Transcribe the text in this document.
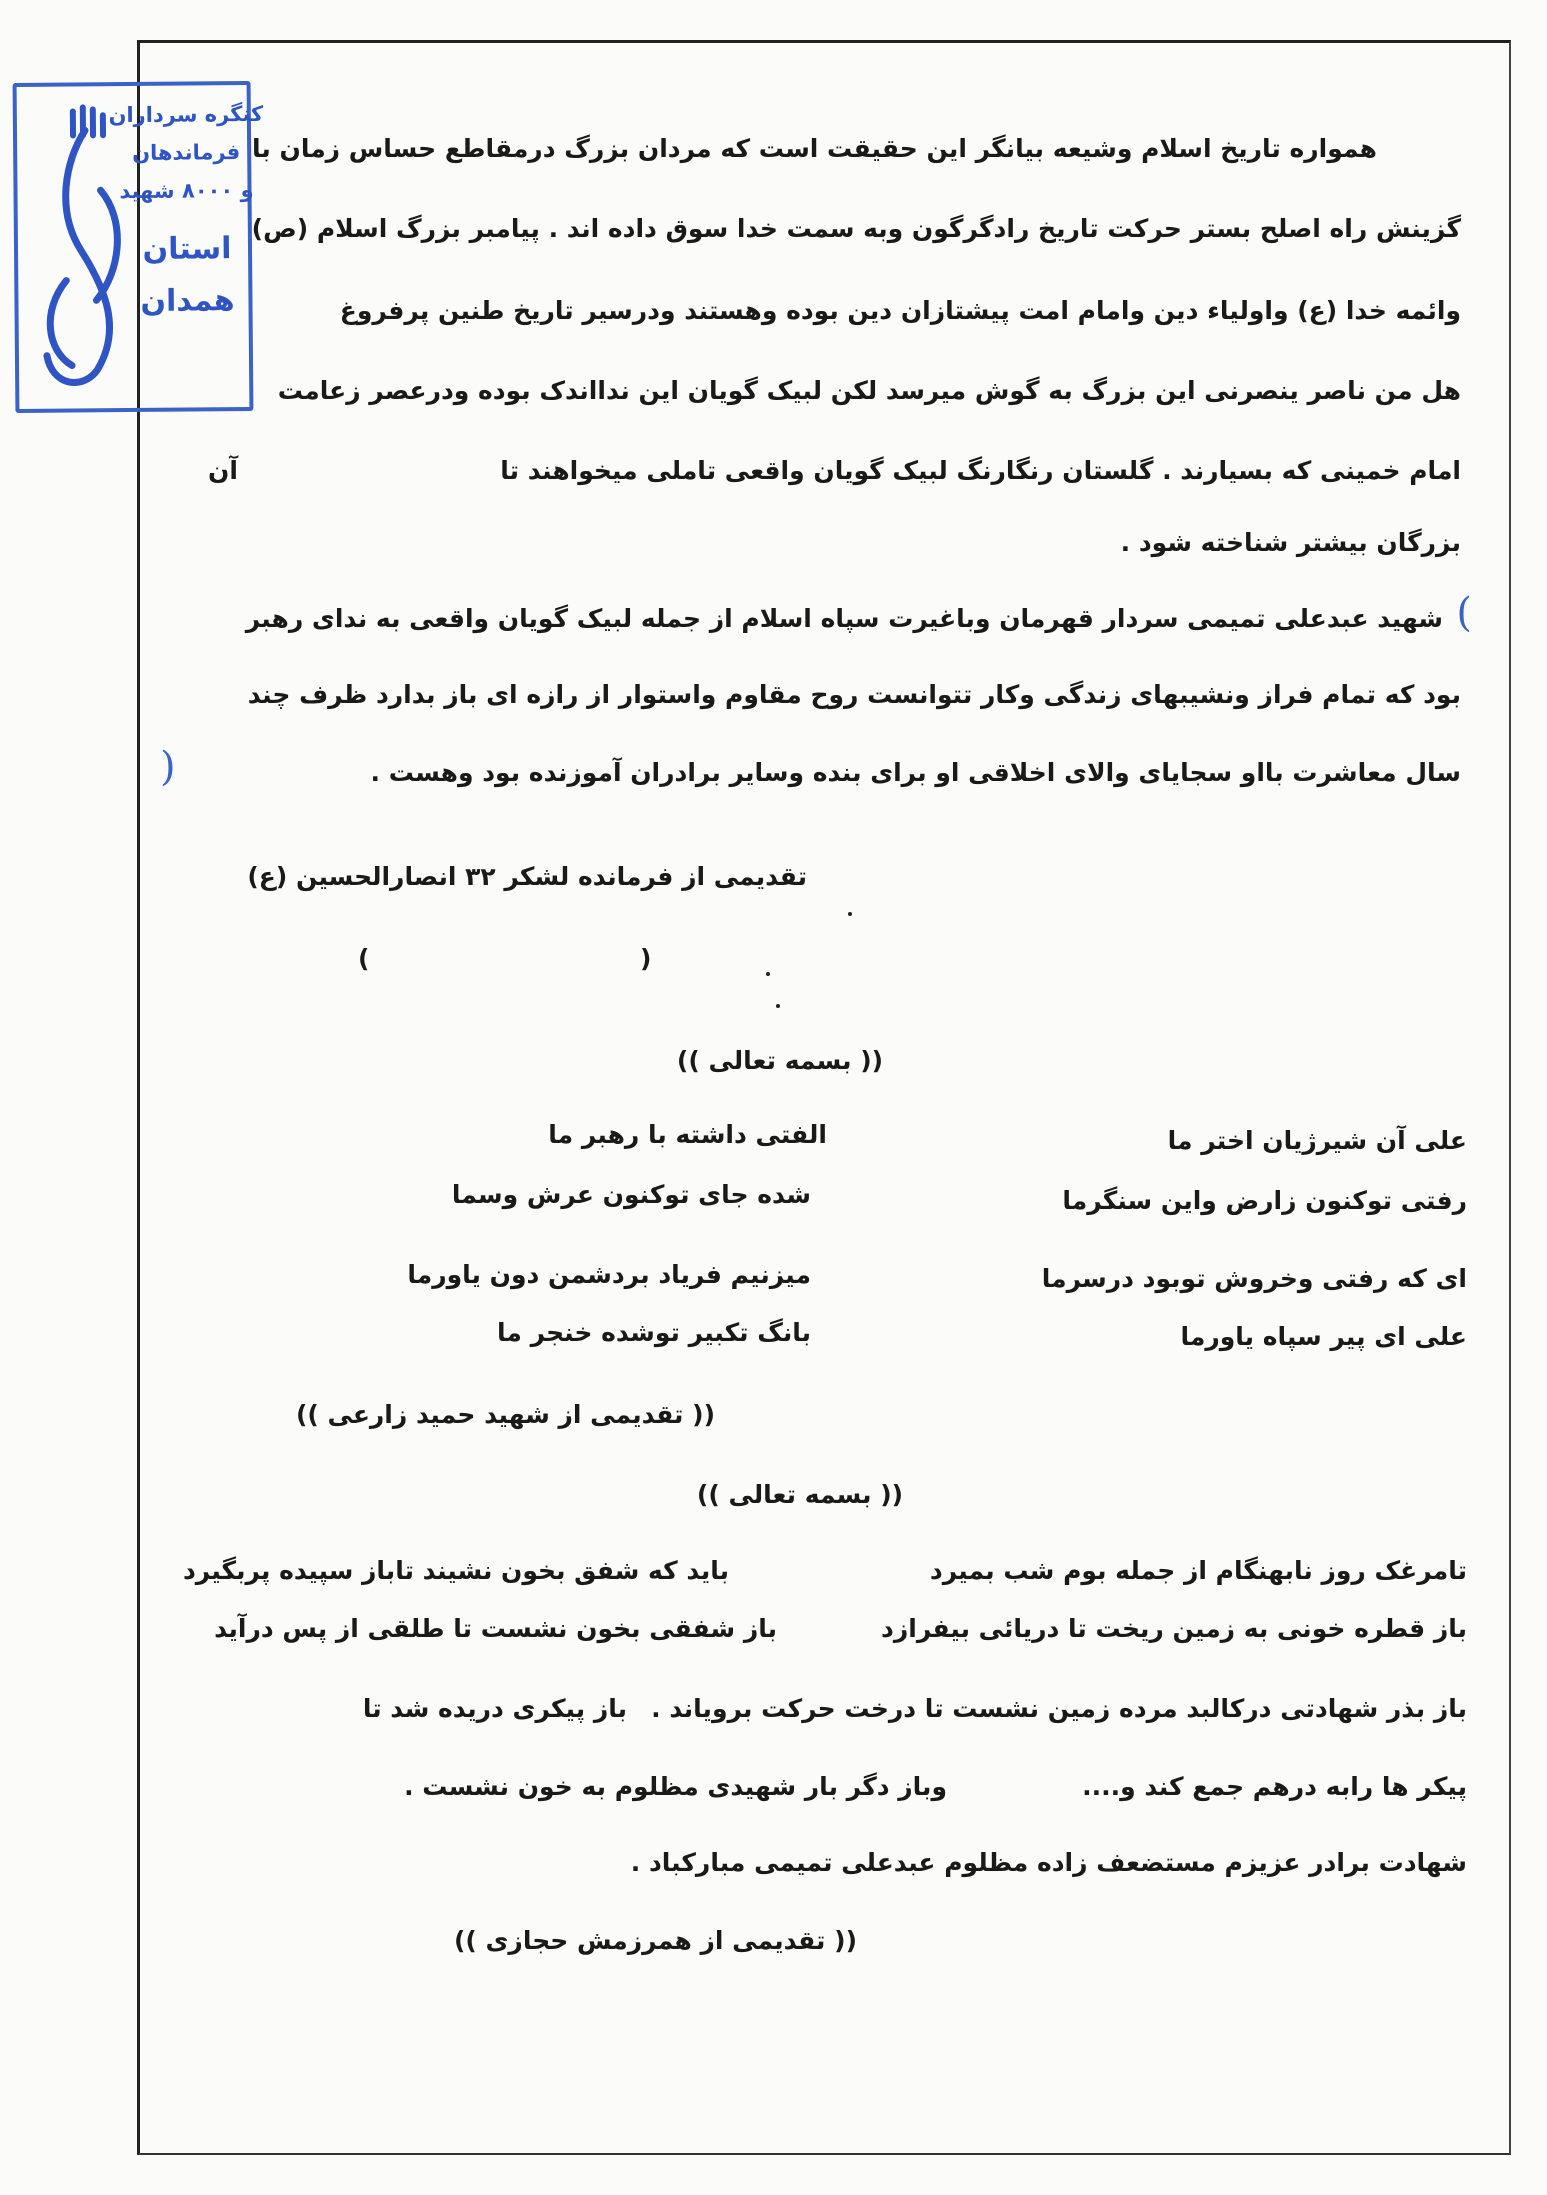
کنگره سرداران
فرماندهان
و ۸۰۰۰ شهید
استان
همدان
همواره تاریخ اسلام وشیعه بیانگر این حقیقت است که مردان بزرگ درمقاطع حساس زمان با
گزینش راه اصلح بستر حرکت تاریخ رادگرگون وبه سمت خدا سوق داده اند . پیامبر بزرگ اسلام (ص)
وائمه خدا (ع) واولیاء دین وامام امت پیشتازان دین بوده وهستند ودرسیر تاریخ طنین پرفروغ
هل من ناصر ینصرنی این بزرگ به گوش میرسد لکن لبیک گویان این ندااندک بوده ودرعصر زعامت
امام خمینی که بسیارند . گلستان رنگارنگ لبیک گویان واقعی تاملی میخواهند تا
آن
بزرگان بیشتر شناخته شود .
(
شهید عبدعلی تمیمی سردار قهرمان وباغیرت سپاه اسلام از جمله لبیک گویان واقعی به ندای رهبر
بود که تمام فراز ونشیبهای زندگی وکار تتوانست روح مقاوم واستوار از رازه ای باز بدارد ظرف چند
سال معاشرت بااو سجایای والای اخلاقی او برای بنده وسایر برادران آموزنده بود وهست .
)
تقدیمی از فرمانده لشکر ۳۲ انصارالحسین (ع)
)	(
(( بسمه تعالی ))
علی آن شیرژیان اختر ما
الفتی داشته با رهبر ما
رفتی توکنون زارض واین سنگرما
شده جای توکنون عرش وسما
ای که رفتی وخروش توبود درسرما
میزنیم فریاد بردشمن دون یاورما
علی ای پیر سپاه یاورما
بانگ تکبیر توشده خنجر ما
(( تقدیمی از شهید حمید زارعی ))
(( بسمه تعالی ))
تامرغک روز نابهنگام از جمله بوم شب بمیرد
باید که شفق بخون نشیند تاباز سپیده پربگیرد
باز قطره خونی به زمین ریخت تا دریائی بیفرازد
باز شفقی بخون نشست تا طلقی از پس درآید
باز بذر شهادتی درکالبد مرده زمین نشست تا درخت حرکت برویاند .
باز پیکری دریده شد تا
پیکر ها رابه درهم جمع کند و....
وباز دگر بار شهیدی مظلوم به خون نشست .
شهادت برادر عزیزم مستضعف زاده مظلوم عبدعلی تمیمی مبارکباد .
(( تقدیمی از همرزمش حجازی ))
